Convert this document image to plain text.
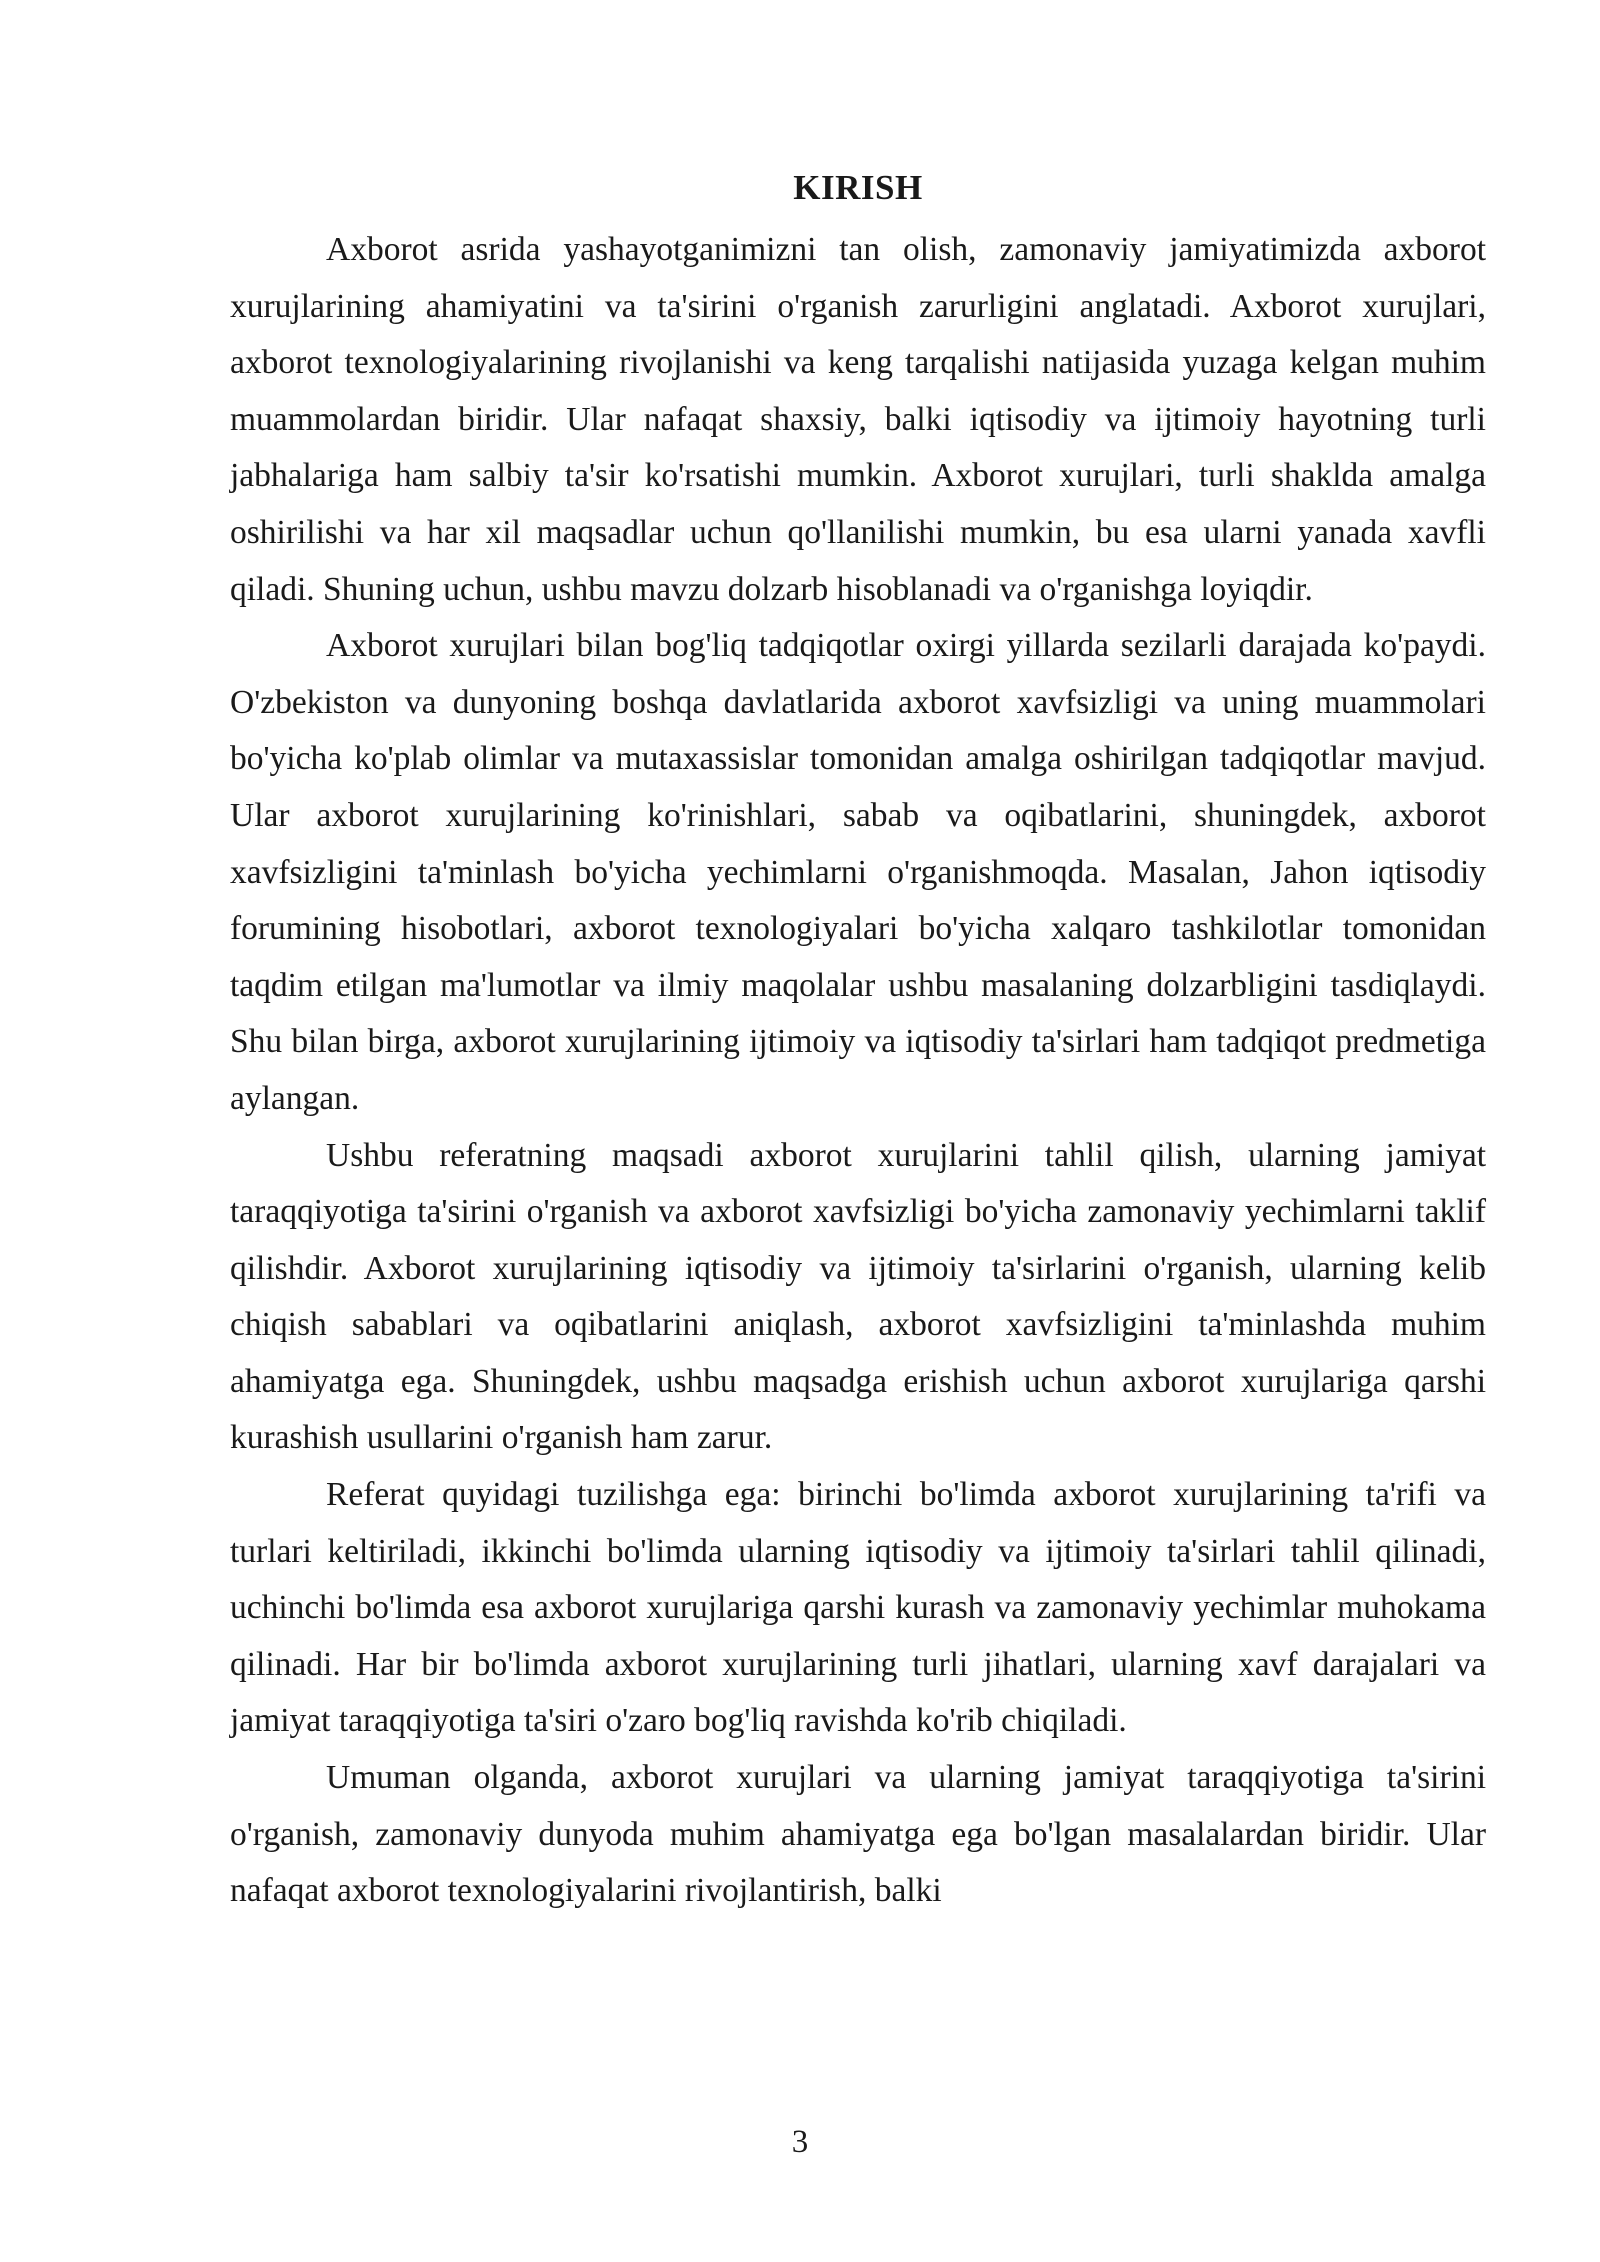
KIRISH

Axborot asrida yashayotganimizni tan olish, zamonaviy jamiyatimizda axborot xurujlarining ahamiyatini va ta'sirini o'rganish zarurligini anglatadi. Axborot xurujlari, axborot texnologiyalarining rivojlanishi va keng tarqalishi natijasida yuzaga kelgan muhim muammolardan biridir. Ular nafaqat shaxsiy, balki iqtisodiy va ijtimoiy hayotning turli jabhalariga ham salbiy ta'sir ko'rsatishi mumkin. Axborot xurujlari, turli shaklda amalga oshirilishi va har xil maqsadlar uchun qo'llanilishi mumkin, bu esa ularni yanada xavfli qiladi. Shuning uchun, ushbu mavzu dolzarb hisoblanadi va o'rganishga loyiqdir.

Axborot xurujlari bilan bog'liq tadqiqotlar oxirgi yillarda sezilarli darajada ko'paydi. O'zbekiston va dunyoning boshqa davlatlarida axborot xavfsizligi va uning muammolari bo'yicha ko'plab olimlar va mutaxassislar tomonidan amalga oshirilgan tadqiqotlar mavjud. Ular axborot xurujlarining ko'rinishlari, sabab va oqibatlarini, shuningdek, axborot xavfsizligini ta'minlash bo'yicha yechimlarni o'rganishmoqda. Masalan, Jahon iqtisodiy forumining hisobotlari, axborot texnologiyalari bo'yicha xalqaro tashkilotlar tomonidan taqdim etilgan ma'lumotlar va ilmiy maqolalar ushbu masalaning dolzarbligini tasdiqlaydi. Shu bilan birga, axborot xurujlarining ijtimoiy va iqtisodiy ta'sirlari ham tadqiqot predmetiga aylangan.

Ushbu referatning maqsadi axborot xurujlarini tahlil qilish, ularning jamiyat taraqqiyotiga ta'sirini o'rganish va axborot xavfsizligi bo'yicha zamonaviy yechimlarni taklif qilishdir. Axborot xurujlarining iqtisodiy va ijtimoiy ta'sirlarini o'rganish, ularning kelib chiqish sabablari va oqibatlarini aniqlash, axborot xavfsizligini ta'minlashda muhim ahamiyatga ega. Shuningdek, ushbu maqsadga erishish uchun axborot xurujlariga qarshi kurashish usullarini o'rganish ham zarur.

Referat quyidagi tuzilishga ega: birinchi bo'limda axborot xurujlarining ta'rifi va turlari keltiriladi, ikkinchi bo'limda ularning iqtisodiy va ijtimoiy ta'sirlari tahlil qilinadi, uchinchi bo'limda esa axborot xurujlariga qarshi kurash va zamonaviy yechimlar muhokama qilinadi. Har bir bo'limda axborot xurujlarining turli jihatlari, ularning xavf darajalari va jamiyat taraqqiyotiga ta'siri o'zaro bog'liq ravishda ko'rib chiqiladi.

Umuman olganda, axborot xurujlari va ularning jamiyat taraqqiyotiga ta'sirini o'rganish, zamonaviy dunyoda muhim ahamiyatga ega bo'lgan masalalardan biridir. Ular nafaqat axborot texnologiyalarini rivojlantirish, balki

3
